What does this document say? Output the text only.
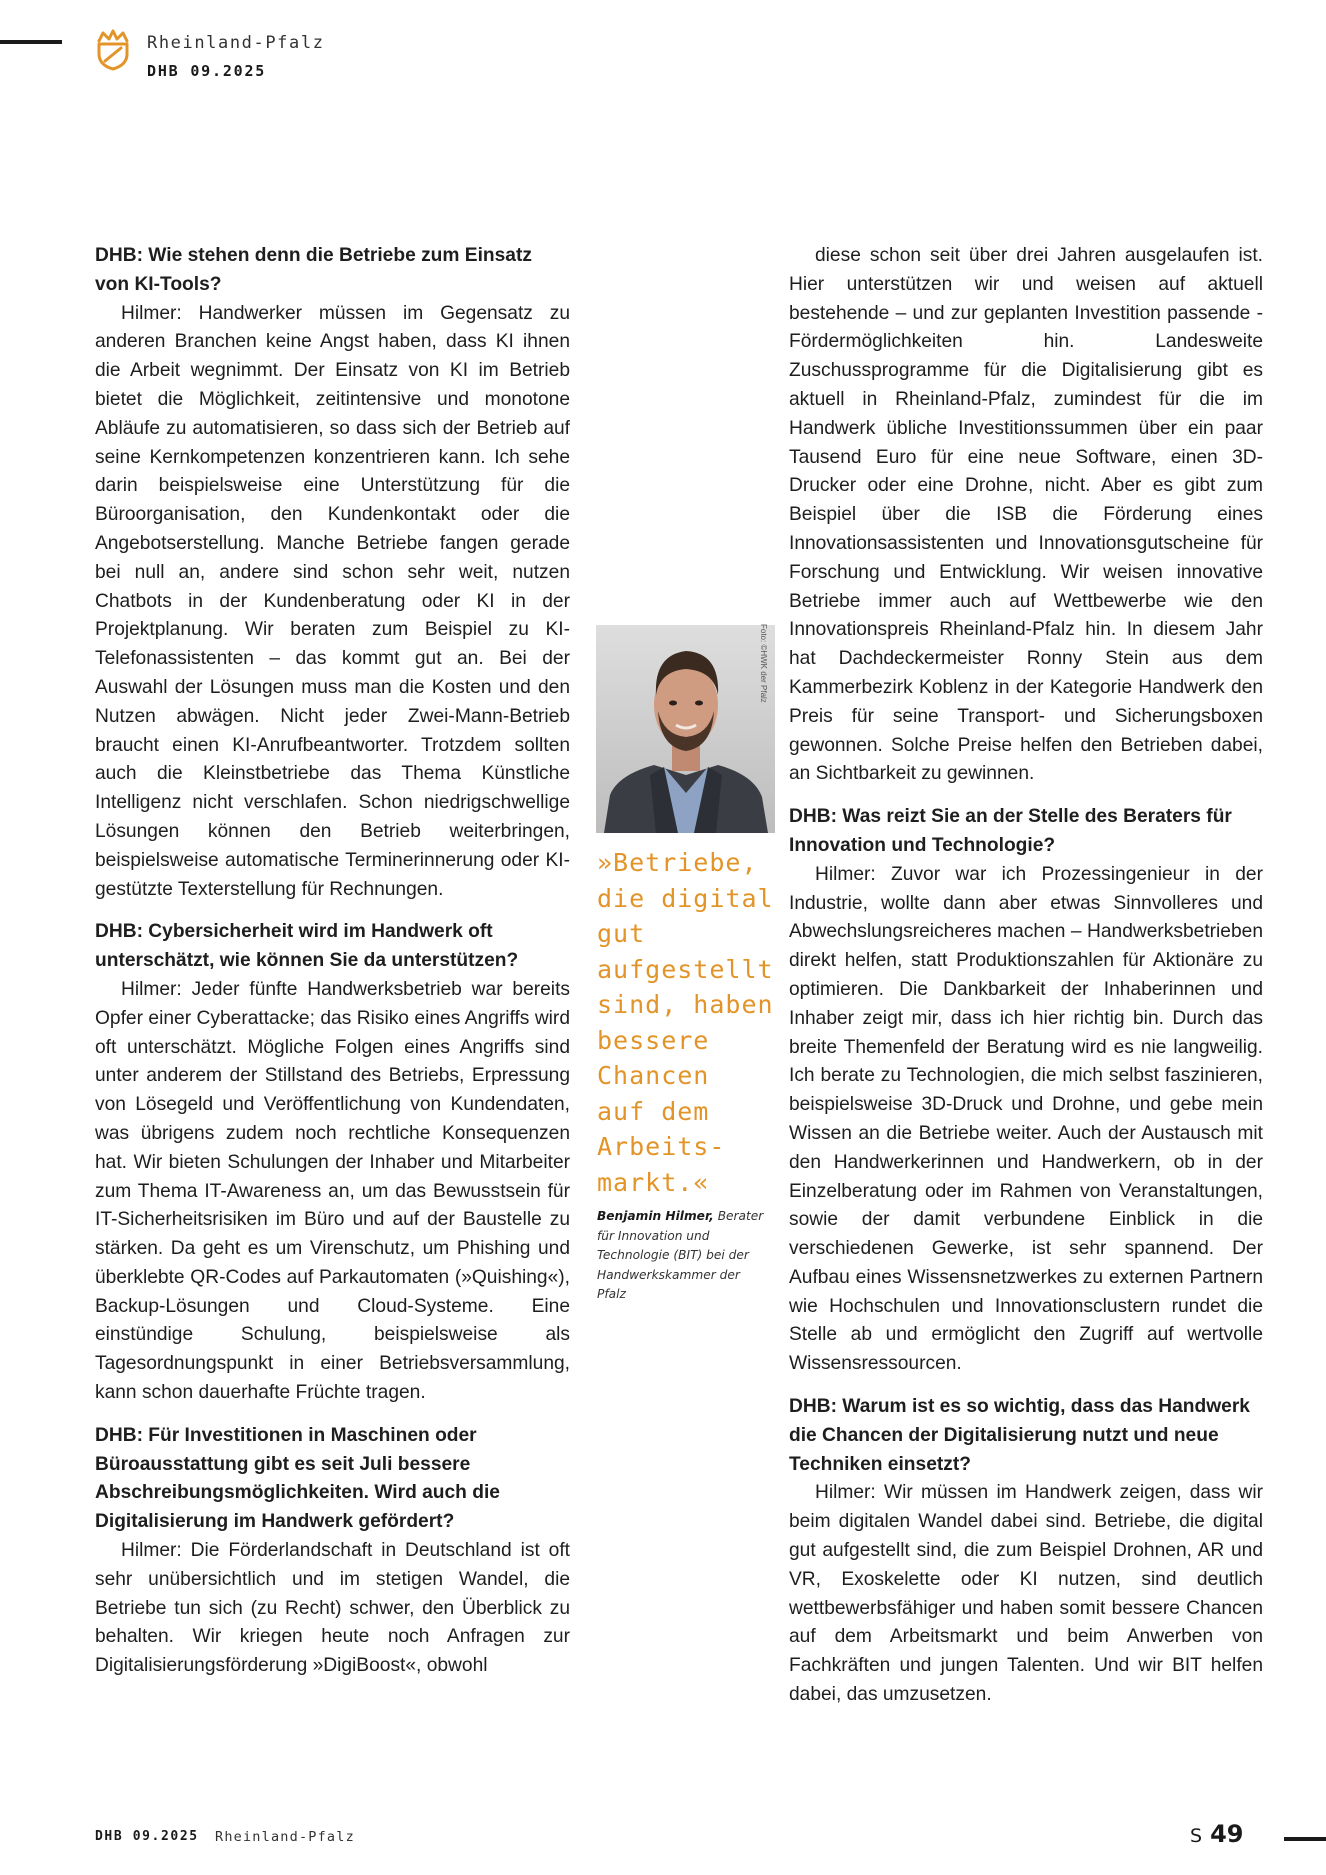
Rheinland-Pfalz
DHB 09.2025

DHB: Wie stehen denn die Betriebe zum Einsatz von KI-Tools?

Hilmer: Handwerker müssen im Gegensatz zu anderen Branchen keine Angst haben, dass KI ihnen die Arbeit wegnimmt. Der Einsatz von KI im Betrieb bietet die Möglichkeit, zeitintensive und monotone Abläufe zu automatisieren, so dass sich der Betrieb auf seine Kernkompetenzen konzentrieren kann. Ich sehe darin beispielsweise eine Unterstützung für die Büroorganisation, den Kundenkontakt oder die Angebotserstellung. Manche Betriebe fangen gerade bei null an, andere sind schon sehr weit, nutzen Chatbots in der Kundenberatung oder KI in der Projektplanung. Wir beraten zum Beispiel zu KI-Telefonassistenten – das kommt gut an. Bei der Auswahl der Lösungen muss man die Kosten und den Nutzen abwägen. Nicht jeder Zwei-Mann-Betrieb braucht einen KI-Anrufbeantworter. Trotzdem sollten auch die Kleinstbetriebe das Thema Künstliche Intelligenz nicht verschlafen. Schon niedrigschwellige Lösungen können den Betrieb weiterbringen, beispielsweise automatische Terminerinnerung oder KI-gestützte Texterstellung für Rechnungen.

DHB: Cybersicherheit wird im Handwerk oft unterschätzt, wie können Sie da unterstützen?

Hilmer: Jeder fünfte Handwerksbetrieb war bereits Opfer einer Cyberattacke; das Risiko eines Angriffs wird oft unterschätzt. Mögliche Folgen eines Angriffs sind unter anderem der Stillstand des Betriebs, Erpressung von Lösegeld und Veröffentlichung von Kundendaten, was übrigens zudem noch rechtliche Konsequenzen hat. Wir bieten Schulungen der Inhaber und Mitarbeiter zum Thema IT-Awareness an, um das Bewusstsein für IT-Sicherheitsrisiken im Büro und auf der Baustelle zu stärken. Da geht es um Virenschutz, um Phishing und überklebte QR-Codes auf Parkautomaten (»Quishing«), Backup-Lösungen und Cloud-Systeme. Eine einstündige Schulung, beispielsweise als Tagesordnungspunkt in einer Betriebsversammlung, kann schon dauerhafte Früchte tragen.

DHB: Für Investitionen in Maschinen oder Büroausstattung gibt es seit Juli bessere Abschreibungsmöglichkeiten. Wird auch die Digitalisierung im Handwerk gefördert?

Hilmer: Die Förderlandschaft in Deutschland ist oft sehr unübersichtlich und im stetigen Wandel, die Betriebe tun sich (zu Recht) schwer, den Überblick zu behalten. Wir kriegen heute noch Anfragen zur Digitalisierungsförderung »DigiBoost«, obwohl

Foto: ©HWK der Pfalz
»Betriebe,
die digital
gut
aufgestellt
sind, haben
bessere
Chancen
auf dem
Arbeits-
markt.«
Benjamin Hilmer, Berater für Innovation und Technologie (BIT) bei der Handwerkskammer der Pfalz

diese schon seit über drei Jahren ausgelaufen ist. Hier unterstützen wir und weisen auf aktuell bestehende – und zur geplanten Investition passende - Fördermöglichkeiten hin. Landesweite Zuschussprogramme für die Digitalisierung gibt es aktuell in Rheinland-Pfalz, zumindest für die im Handwerk übliche Investitionssummen über ein paar Tausend Euro für eine neue Software, einen 3D-Drucker oder eine Drohne, nicht. Aber es gibt zum Beispiel über die ISB die Förderung eines Innovationsassistenten und Innovationsgutscheine für Forschung und Entwicklung. Wir weisen innovative Betriebe immer auch auf Wettbewerbe wie den Innovationspreis Rheinland-Pfalz hin. In diesem Jahr hat Dachdeckermeister Ronny Stein aus dem Kammerbezirk Koblenz in der Kategorie Handwerk den Preis für seine Transport- und Sicherungsboxen gewonnen. Solche Preise helfen den Betrieben dabei, an Sichtbarkeit zu gewinnen.

DHB: Was reizt Sie an der Stelle des Beraters für Innovation und Technologie?

Hilmer: Zuvor war ich Prozessingenieur in der Industrie, wollte dann aber etwas Sinnvolleres und Abwechslungsreicheres machen – Handwerksbetrieben direkt helfen, statt Produktionszahlen für Aktionäre zu optimieren. Die Dankbarkeit der Inhaberinnen und Inhaber zeigt mir, dass ich hier richtig bin. Durch das breite Themenfeld der Beratung wird es nie langweilig. Ich berate zu Technologien, die mich selbst faszinieren, beispielsweise 3D-Druck und Drohne, und gebe mein Wissen an die Betriebe weiter. Auch der Austausch mit den Handwerkerinnen und Handwerkern, ob in der Einzelberatung oder im Rahmen von Veranstaltungen, sowie der damit verbundene Einblick in die verschiedenen Gewerke, ist sehr spannend. Der Aufbau eines Wissensnetzwerkes zu externen Partnern wie Hochschulen und Innovationsclustern rundet die Stelle ab und ermöglicht den Zugriff auf wertvolle Wissensressourcen.

DHB: Warum ist es so wichtig, dass das Handwerk die Chancen der Digitalisierung nutzt und neue Techniken einsetzt?

Hilmer: Wir müssen im Handwerk zeigen, dass wir beim digitalen Wandel dabei sind. Betriebe, die digital gut aufgestellt sind, die zum Beispiel Drohnen, AR und VR, Exoskelette oder KI nutzen, sind deutlich wettbewerbsfähiger und haben somit bessere Chancen auf dem Arbeitsmarkt und beim Anwerben von Fachkräften und jungen Talenten. Und wir BIT helfen dabei, das umzusetzen.

DHB 09.2025 Rheinland-Pfalz	S 49
